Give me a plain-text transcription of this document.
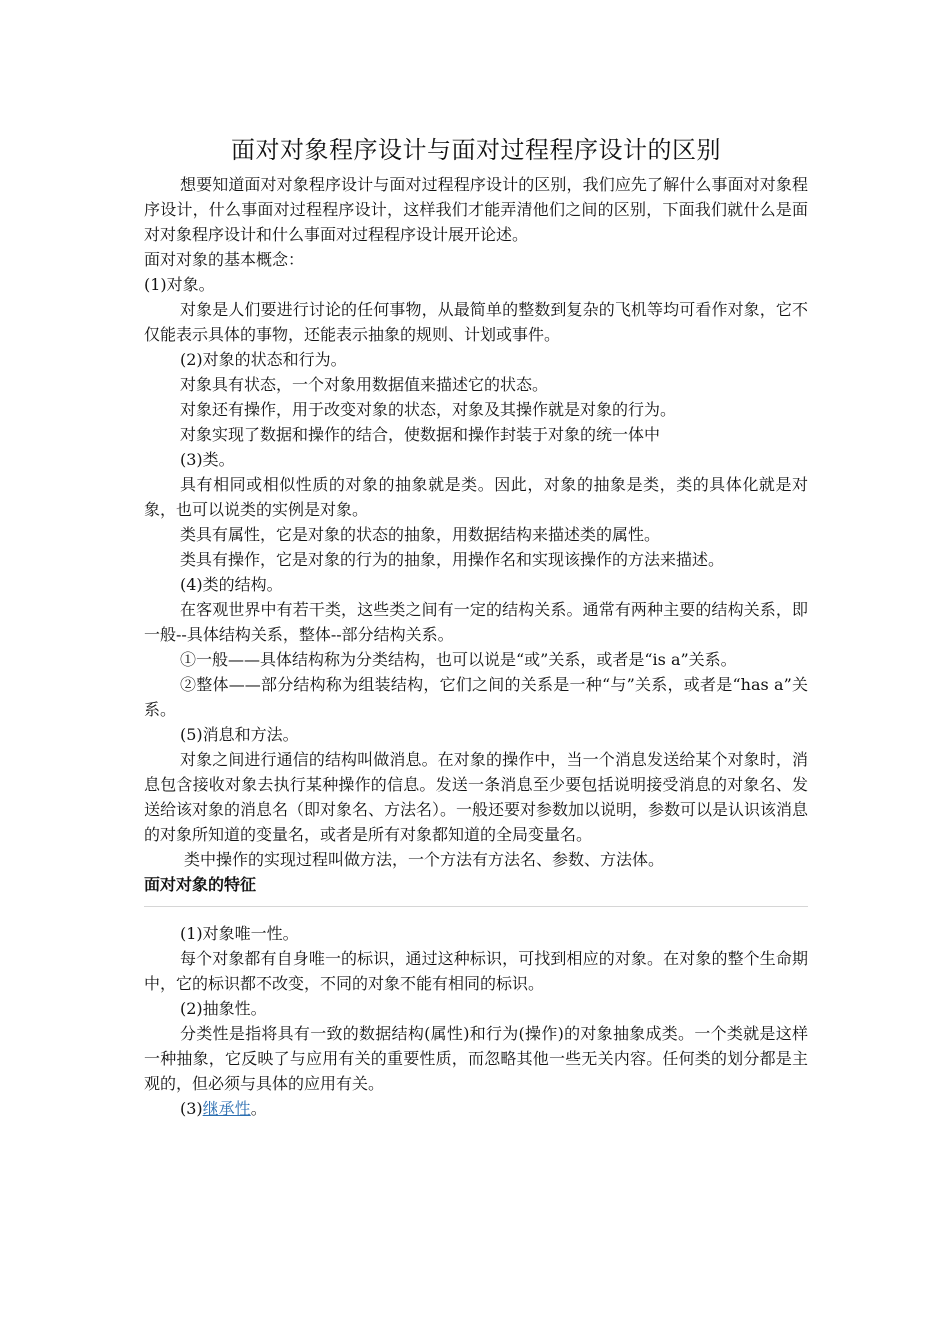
面对对象程序设计与面对过程程序设计的区别

想要知道面对对象程序设计与面对过程程序设计的区别，我们应先了解什么事面对对象程序设计，什么事面对过程程序设计，这样我们才能弄清他们之间的区别，下面我们就什么是面对对象程序设计和什么事面对过程程序设计展开论述。

面对对象的基本概念：

(1)对象。

对象是人们要进行讨论的任何事物，从最简单的整数到复杂的飞机等均可看作对象，它不仅能表示具体的事物，还能表示抽象的规则、计划或事件。

(2)对象的状态和行为。

对象具有状态，一个对象用数据值来描述它的状态。

对象还有操作，用于改变对象的状态，对象及其操作就是对象的行为。

对象实现了数据和操作的结合，使数据和操作封装于对象的统一体中

(3)类。

具有相同或相似性质的对象的抽象就是类。因此，对象的抽象是类，类的具体化就是对象，也可以说类的实例是对象。

类具有属性，它是对象的状态的抽象，用数据结构来描述类的属性。

类具有操作，它是对象的行为的抽象，用操作名和实现该操作的方法来描述。

(4)类的结构。

在客观世界中有若干类，这些类之间有一定的结构关系。通常有两种主要的结构关系，即一般--具体结构关系，整体--部分结构关系。

①一般——具体结构称为分类结构，也可以说是“或”关系，或者是“is a”关系。

②整体——部分结构称为组装结构，它们之间的关系是一种“与”关系，或者是“has a”关系。

(5)消息和方法。

对象之间进行通信的结构叫做消息。在对象的操作中，当一个消息发送给某个对象时，消息包含接收对象去执行某种操作的信息。发送一条消息至少要包括说明接受消息的对象名、发送给该对象的消息名（即对象名、方法名）。一般还要对参数加以说明，参数可以是认识该消息的对象所知道的变量名，或者是所有对象都知道的全局变量名。

类中操作的实现过程叫做方法，一个方法有方法名、参数、方法体。

面对对象的特征

(1)对象唯一性。

每个对象都有自身唯一的标识，通过这种标识，可找到相应的对象。在对象的整个生命期中，它的标识都不改变，不同的对象不能有相同的标识。

(2)抽象性。

分类性是指将具有一致的数据结构(属性)和行为(操作)的对象抽象成类。一个类就是这样一种抽象，它反映了与应用有关的重要性质，而忽略其他一些无关内容。任何类的划分都是主观的，但必须与具体的应用有关。

(3)继承性。
